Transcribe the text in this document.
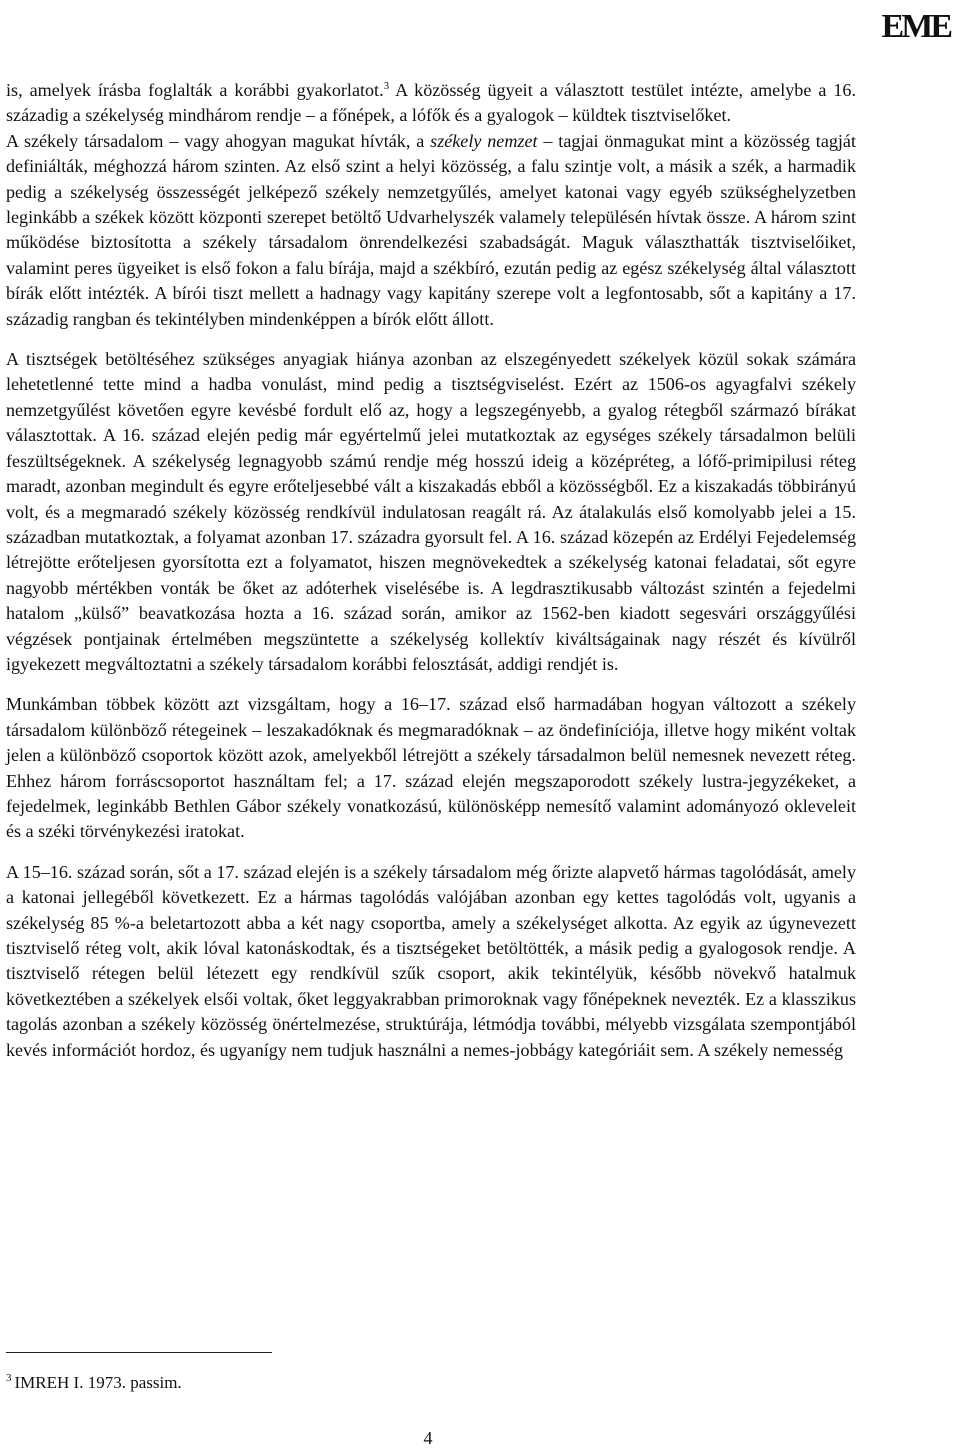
EME

is, amelyek írásba foglalták a korábbi gyakorlatot.$^3$ A közösség ügyeit a választott testület intézte, amelybe a 16. századig a székelység mindhárom rendje – a főnépek, a lófők és a gyalogok – küldtek tisztviselőket.

A székely társadalom – vagy ahogyan magukat hívták, a székely nemzet – tagjai önmagukat mint a közösség tagját definiálták, méghozzá három szinten. Az első szint a helyi közösség, a falu szintje volt, a másik a szék, a harmadik pedig a székelység összességét jelképező székely nemzetgyűlés, amelyet katonai vagy egyéb szükséghelyzetben leginkább a székek között központi szerepet betöltő Udvarhelyszék valamely településén hívtak össze. A három szint működése biztosította a székely társadalom önrendelkezési szabadságát. Maguk választhatták tisztviselőiket, valamint peres ügyeiket is első fokon a falu bírája, majd a székbíró, ezután pedig az egész székelység által választott bírák előtt intézték. A bírói tiszt mellett a hadnagy vagy kapitány szerepe volt a legfontosabb, sőt a kapitány a 17. századig rangban és tekintélyben mindenképpen a bírók előtt állott.

A tisztségek betöltéséhez szükséges anyagiak hiánya azonban az elszegényedett székelyek közül sokak számára lehetetlenné tette mind a hadba vonulást, mind pedig a tisztségviselést. Ezért az 1506-os agyagfalvi székely nemzetgyűlést követően egyre kevésbé fordult elő az, hogy a legszegényebb, a gyalog rétegből származó bírákat választottak. A 16. század elején pedig már egyértelmű jelei mutatkoztak az egységes székely társadalmon belüli feszültségeknek. A székelység legnagyobb számú rendje még hosszú ideig a középréteg, a lófő-primipilusi réteg maradt, azonban megindult és egyre erőteljesebbé vált a kiszakadás ebből a közösségből. Ez a kiszakadás többirányú volt, és a megmaradó székely közösség rendkívül indulatosan reagált rá. Az átalakulás első komolyabb jelei a 15. században mutatkoztak, a folyamat azonban 17. századra gyorsult fel. A 16. század közepén az Erdélyi Fejedelemség létrejötte erőteljesen gyorsította ezt a folyamatot, hiszen megnövekedtek a székelység katonai feladatai, sőt egyre nagyobb mértékben vonták be őket az adóterhek viselésébe is. A legdrasztikusabb változást szintén a fejedelmi hatalom „külső” beavatkozása hozta a 16. század során, amikor az 1562-ben kiadott segesvári országgyűlési végzések pontjainak értelmében megszüntette a székelység kollektív kiváltságainak nagy részét és kívülről igyekezett megváltoztatni a székely társadalom korábbi felosztását, addigi rendjét is.

Munkámban többek között azt vizsgáltam, hogy a 16–17. század első harmadában hogyan változott a székely társadalom különböző rétegeinek – leszakadóknak és megmaradóknak – az öndefiníciója, illetve hogy miként voltak jelen a különböző csoportok között azok, amelyekből létrejött a székely társadalmon belül nemesnek nevezett réteg. Ehhez három forráscsoportot használtam fel; a 17. század elején megszaporodott székely lustra-jegyzékeket, a fejedelmek, leginkább Bethlen Gábor székely vonatkozású, különösképp nemesítő valamint adományozó okleveleit és a széki törvénykezési iratokat.

A 15–16. század során, sőt a 17. század elején is a székely társadalom még őrizte alapvető hármas tagolódását, amely a katonai jellegéből következett. Ez a hármas tagolódás valójában azonban egy kettes tagolódás volt, ugyanis a székelység 85 %-a beletartozott abba a két nagy csoportba, amely a székelységet alkotta. Az egyik az úgynevezett tisztviselő réteg volt, akik lóval katonáskodtak, és a tisztségeket betöltötték, a másik pedig a gyalogosok rendje. A tisztviselő rétegen belül létezett egy rendkívül szűk csoport, akik tekintélyük, később növekvő hatalmuk következtében a székelyek elsői voltak, őket leggyakrabban primoroknak vagy főnépeknek nevezték. Ez a klasszikus tagolás azonban a székely közösség önértelmezése, struktúrája, létmódja további, mélyebb vizsgálata szempontjából kevés információt hordoz, és ugyanígy nem tudjuk használni a nemes-jobbágy kategóriáit sem. A székely nemesség

$^3$ IMREH I. 1973. passim.
4
